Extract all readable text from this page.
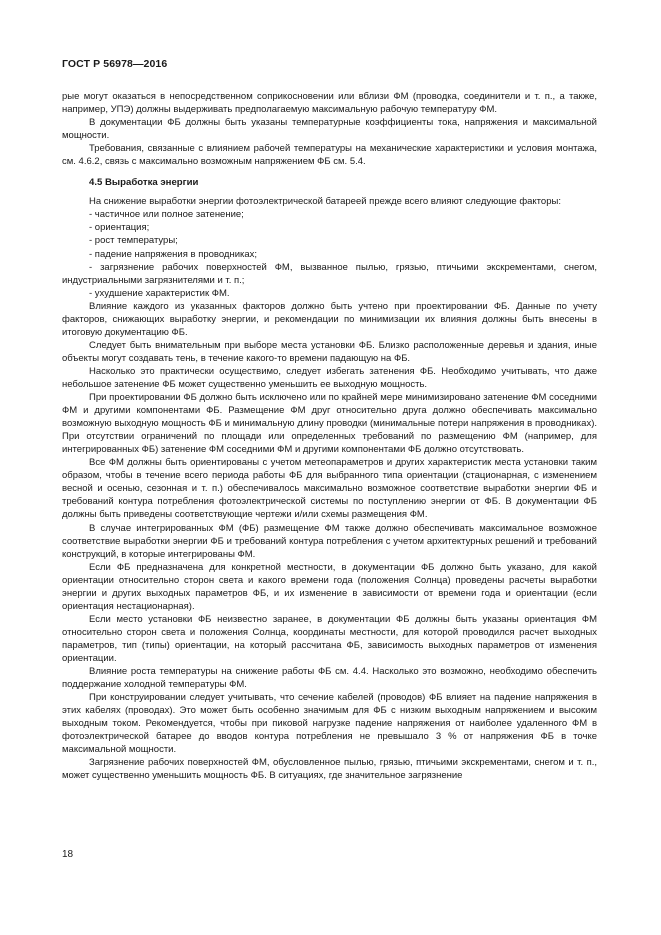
ГОСТ Р 56978—2016

рые могут оказаться в непосредственном соприкосновении или вблизи ФМ (проводка, соединители и т. п., а также, например, УПЭ) должны выдерживать предполагаемую максимальную рабочую температуру ФМ.

В документации ФБ должны быть указаны температурные коэффициенты тока, напряжения и максимальной мощности.

Требования, связанные с влиянием рабочей температуры на механические характеристики и условия монтажа, см. 4.6.2, связь с максимально возможным напряжением ФБ см. 5.4.

4.5 Выработка энергии

На снижение выработки энергии фотоэлектрической батареей прежде всего влияют следующие факторы:

- частичное или полное затенение;
- ориентация;
- рост температуры;
- падение напряжения в проводниках;

- загрязнение рабочих поверхностей ФМ, вызванное пылью, грязью, птичьими экскрементами, снегом, индустриальными загрязнителями и т. п.;

- ухудшение характеристик ФМ.

Влияние каждого из указанных факторов должно быть учтено при проектировании ФБ. Данные по учету факторов, снижающих выработку энергии, и рекомендации по минимизации их влияния должны быть внесены в итоговую документацию ФБ.

Следует быть внимательным при выборе места установки ФБ. Близко расположенные деревья и здания, иные объекты могут создавать тень, в течение какого-то времени падающую на ФБ.

Насколько это практически осуществимо, следует избегать затенения ФБ. Необходимо учитывать, что даже небольшое затенение ФБ может существенно уменьшить ее выходную мощность.

При проектировании ФБ должно быть исключено или по крайней мере минимизировано затенение ФМ соседними ФМ и другими компонентами ФБ. Размещение ФМ друг относительно друга должно обеспечивать максимально возможную выходную мощность ФБ и минимальную длину проводки (минимальные потери напряжения в проводниках). При отсутствии ограничений по площади или определенных требований по размещению ФМ (например, для интегрированных ФБ) затенение ФМ соседними ФМ и другими компонентами ФБ должно отсутствовать.

Все ФМ должны быть ориентированы с учетом метеопараметров и других характеристик места установки таким образом, чтобы в течение всего периода работы ФБ для выбранного типа ориентации (стационарная, с изменением весной и осенью, сезонная и т. п.) обеспечивалось максимально возможное соответствие выработки энергии ФБ и требований контура потребления фотоэлектрической системы по поступлению энергии от ФБ. В документации ФБ должны быть приведены соответствующие чертежи и/или схемы размещения ФМ.

В случае интегрированных ФМ (ФБ) размещение ФМ также должно обеспечивать максимальное возможное соответствие выработки энергии ФБ и требований контура потребления с учетом архитектурных решений и требований конструкций, в которые интегрированы ФМ.

Если ФБ предназначена для конкретной местности, в документации ФБ должно быть указано, для какой ориентации относительно сторон света и какого времени года (положения Солнца) проведены расчеты выработки энергии и других выходных параметров ФБ, и их изменение в зависимости от времени года и ориентации (если ориентация нестационарная).

Если место установки ФБ неизвестно заранее, в документации ФБ должны быть указаны ориентация ФМ относительно сторон света и положения Солнца, координаты местности, для которой проводился расчет выходных параметров, тип (типы) ориентации, на который рассчитана ФБ, зависимость выходных параметров от изменения ориентации.

Влияние роста температуры на снижение работы ФБ см. 4.4. Насколько это возможно, необходимо обеспечить поддержание холодной температуры ФМ.

При конструировании следует учитывать, что сечение кабелей (проводов) ФБ влияет на падение напряжения в этих кабелях (проводах). Это может быть особенно значимым для ФБ с низким выходным напряжением и высоким выходным током. Рекомендуется, чтобы при пиковой нагрузке падение напряжения от наиболее удаленного ФМ в фотоэлектрической батарее до вводов контура потребления не превышало 3 % от напряжения ФБ в точке максимальной мощности.

Загрязнение рабочих поверхностей ФМ, обусловленное пылью, грязью, птичьими экскрементами, снегом и т. п., может существенно уменьшить мощность ФБ. В ситуациях, где значительное загрязнение

18
